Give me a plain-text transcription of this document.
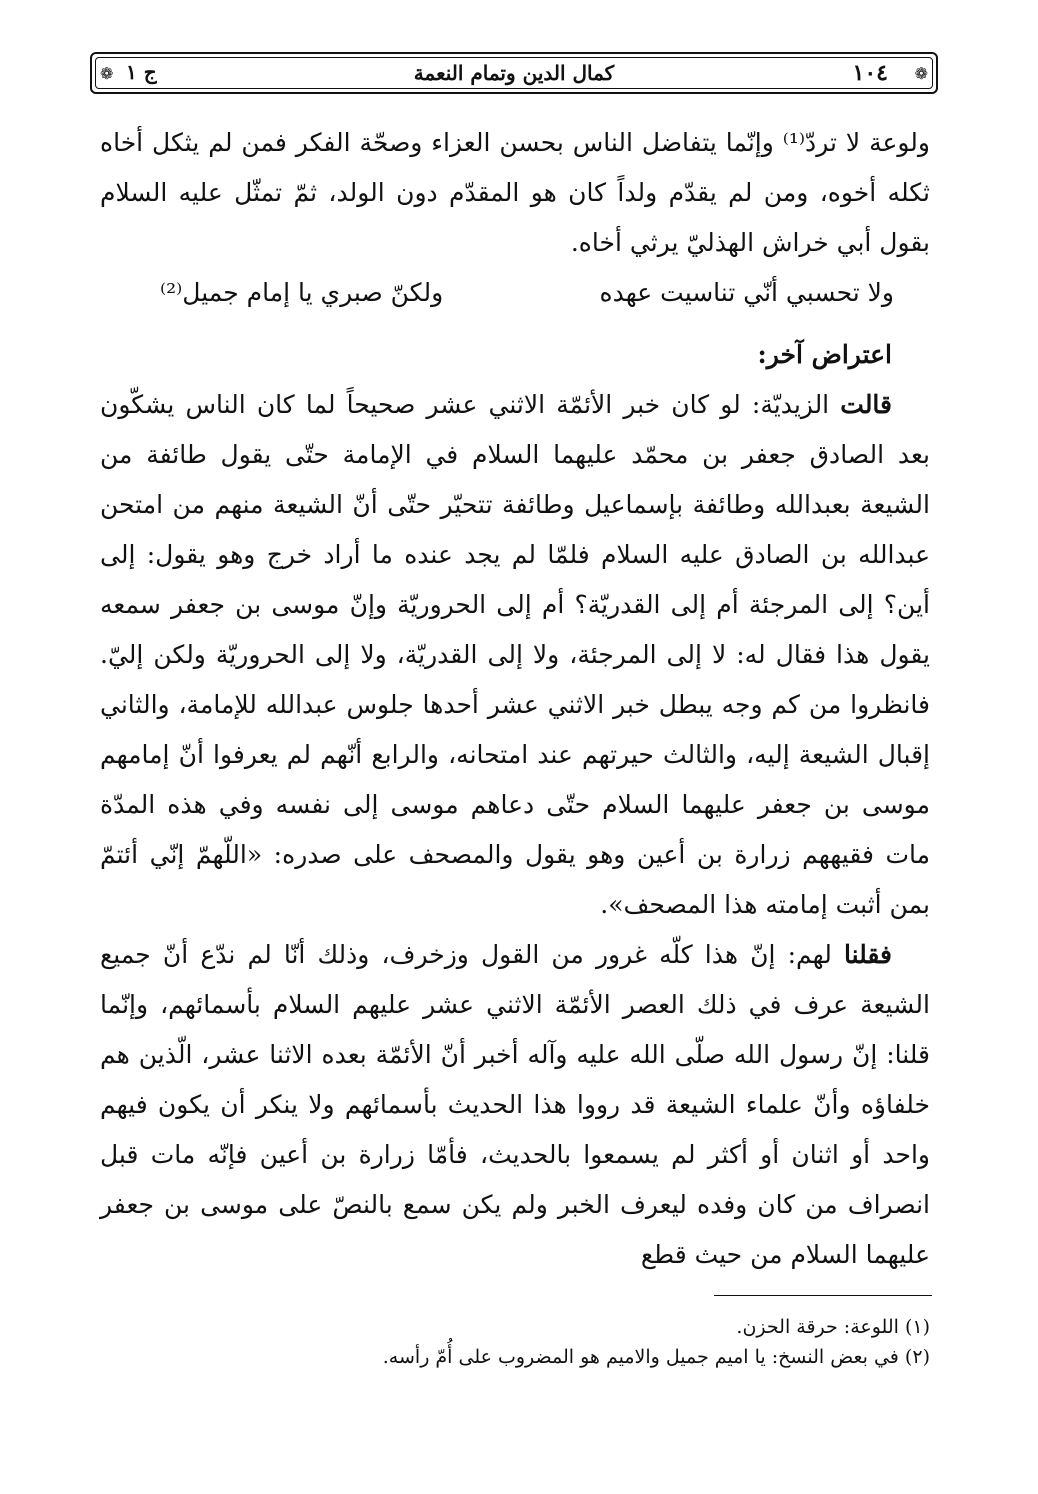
❁
١٠٤
كمال الدين وتمام النعمة
ج ١
❁

ولوعة لا تردّ⁽¹⁾ وإنّما يتفاضل الناس بحسن العزاء وصحّة الفكر فمن لم يثكل أخاه ثكله أخوه، ومن لم يقدّم ولداً كان هو المقدّم دون الولد، ثمّ تمثّل عليه السلام بقول أبي خراش الهذليّ يرثي أخاه.

ولا تحسبي أنّي تناسيت عهده
ولكنّ صبري يا إمام جميل⁽²⁾

اعتراض آخر:

قالت الزيديّة: لو كان خبر الأئمّة الاثني عشر صحيحاً لما كان الناس يشكّون بعد الصادق جعفر بن محمّد عليهما السلام في الإمامة حتّى يقول طائفة من الشيعة بعبدالله وطائفة بإسماعيل وطائفة تتحيّر حتّى أنّ الشيعة منهم من امتحن عبدالله بن الصادق عليه السلام فلمّا لم يجد عنده ما أراد خرج وهو يقول: إلى أين؟ إلى المرجئة أم إلى القدريّة؟ أم إلى الحروريّة وإنّ موسى بن جعفر سمعه يقول هذا فقال له: لا إلى المرجئة، ولا إلى القدريّة، ولا إلى الحروريّة ولكن إليّ. فانظروا من كم وجه يبطل خبر الاثني عشر أحدها جلوس عبدالله للإمامة، والثاني إقبال الشيعة إليه، والثالث حيرتهم عند امتحانه، والرابع أنّهم لم يعرفوا أنّ إمامهم موسى بن جعفر عليهما السلام حتّى دعاهم موسى إلى نفسه وفي هذه المدّة مات فقيههم زرارة بن أعين وهو يقول والمصحف على صدره: «اللّهمّ إنّي أئتمّ بمن أثبت إمامته هذا المصحف».

فقلنا لهم: إنّ هذا كلّه غرور من القول وزخرف، وذلك أنّا لم ندّع أنّ جميع الشيعة عرف في ذلك العصر الأئمّة الاثني عشر عليهم السلام بأسمائهم، وإنّما قلنا: إنّ رسول الله صلّى الله عليه وآله أخبر أنّ الأئمّة بعده الاثنا عشر، الّذين هم خلفاؤه وأنّ علماء الشيعة قد رووا هذا الحديث بأسمائهم ولا ينكر أن يكون فيهم واحد أو اثنان أو أكثر لم يسمعوا بالحديث، فأمّا زرارة بن أعين فإنّه مات قبل انصراف من كان وفده ليعرف الخبر ولم يكن سمع بالنصّ على موسى بن جعفر عليهما السلام من حيث قطع

(١) اللوعة: حرقة الحزن.
(٢) في بعض النسخ: يا اميم جميل والاميم هو المضروب على أُمّ رأسه.
